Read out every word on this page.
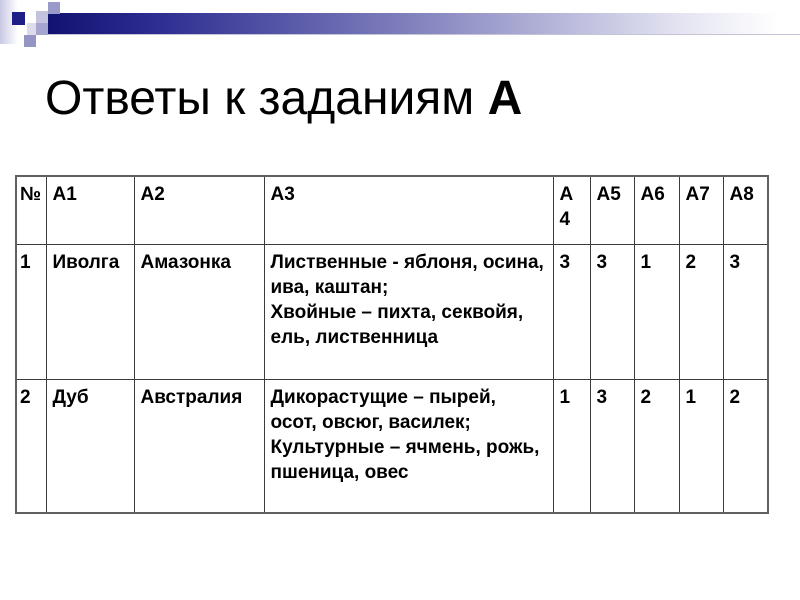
Ответы к заданиям А
№	А1	А2	А3	А4	А5	А6	А7	А8
1	Иволга	Амазонка	Лиственные - яблоня, осина, ива, каштан;
Хвойные – пихта, секвойя, ель, лиственница	3	3	1	2	3
2	Дуб	Австралия	Дикорастущие – пырей, осот, овсюг, василек;
Культурные – ячмень, рожь, пшеница, овес	1	3	2	1	2
